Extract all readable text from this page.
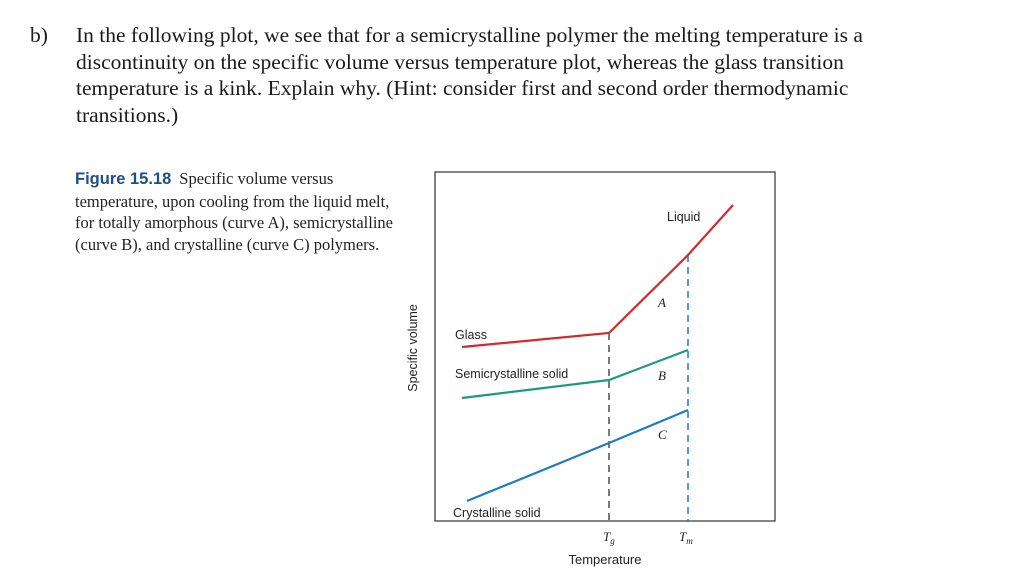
b) In the following plot, we see that for a semicrystalline polymer the melting temperature is a discontinuity on the specific volume versus temperature plot, whereas the glass transition temperature is a kink. Explain why. (Hint: consider first and second order thermodynamic transitions.)
Figure 15.18 Specific volume versus temperature, upon cooling from the liquid melt, for totally amorphous (curve A), semicrystalline (curve B), and crystalline (curve C) polymers.
Liquid
Glass
Semicrystalline solid
Crystalline solid
A
B
C
$T_g$	$T_m$
Temperature
Specific volume
